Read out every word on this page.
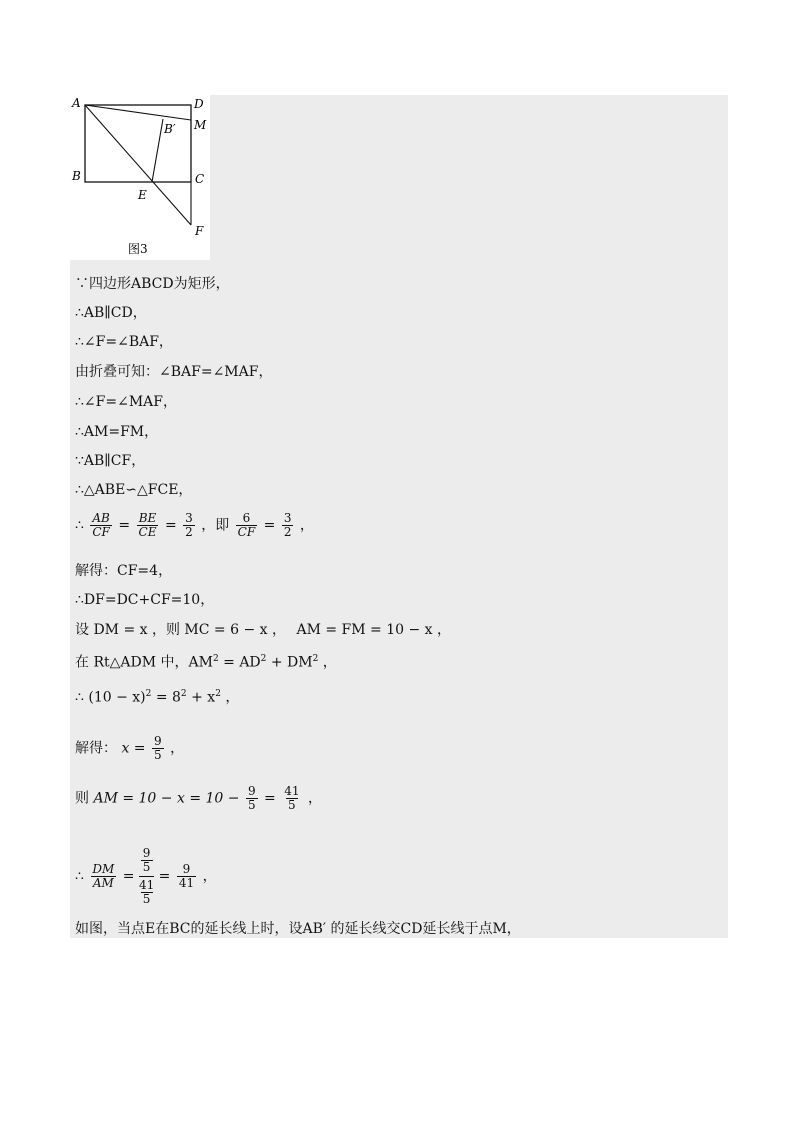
A	D
M
B′
B	C
E
F
图3
∵四边形ABCD为矩形，
∴AB∥CD，
∴∠F=∠BAF，
由折叠可知：∠BAF=∠MAF，
∴∠F=∠MAF，
∴AM=FM，
∵AB∥CF，
∴△ABE∽△FCE，
∴ $\frac{AB}{CF} = \frac{BE}{CE} = \frac{3}{2}$ ，即 $\frac{6}{CF} = \frac{3}{2}$ ，
解得：CF=4，
∴DF=DC+CF=10，
设 DM = x ，则 MC = 6 − x ， AM = FM = 10 − x ，
在 Rt△ADM 中，$AM^2 = AD^2 + DM^2$ ，
∴ $(10 - x)^2 = 8^2 + x^2$ ，
解得： $x = \frac{9}{5}$ ，
则 AM = $10 - x = 10 - \frac{9}{5} = \frac{41}{5}$ ，
∴ $\frac{DM}{AM} = 9$
5
41
$5 = \frac{9}{41}$ ，
如图，当点E在BC的延长线上时，设AB′ 的延长线交CD延长线于点M，
